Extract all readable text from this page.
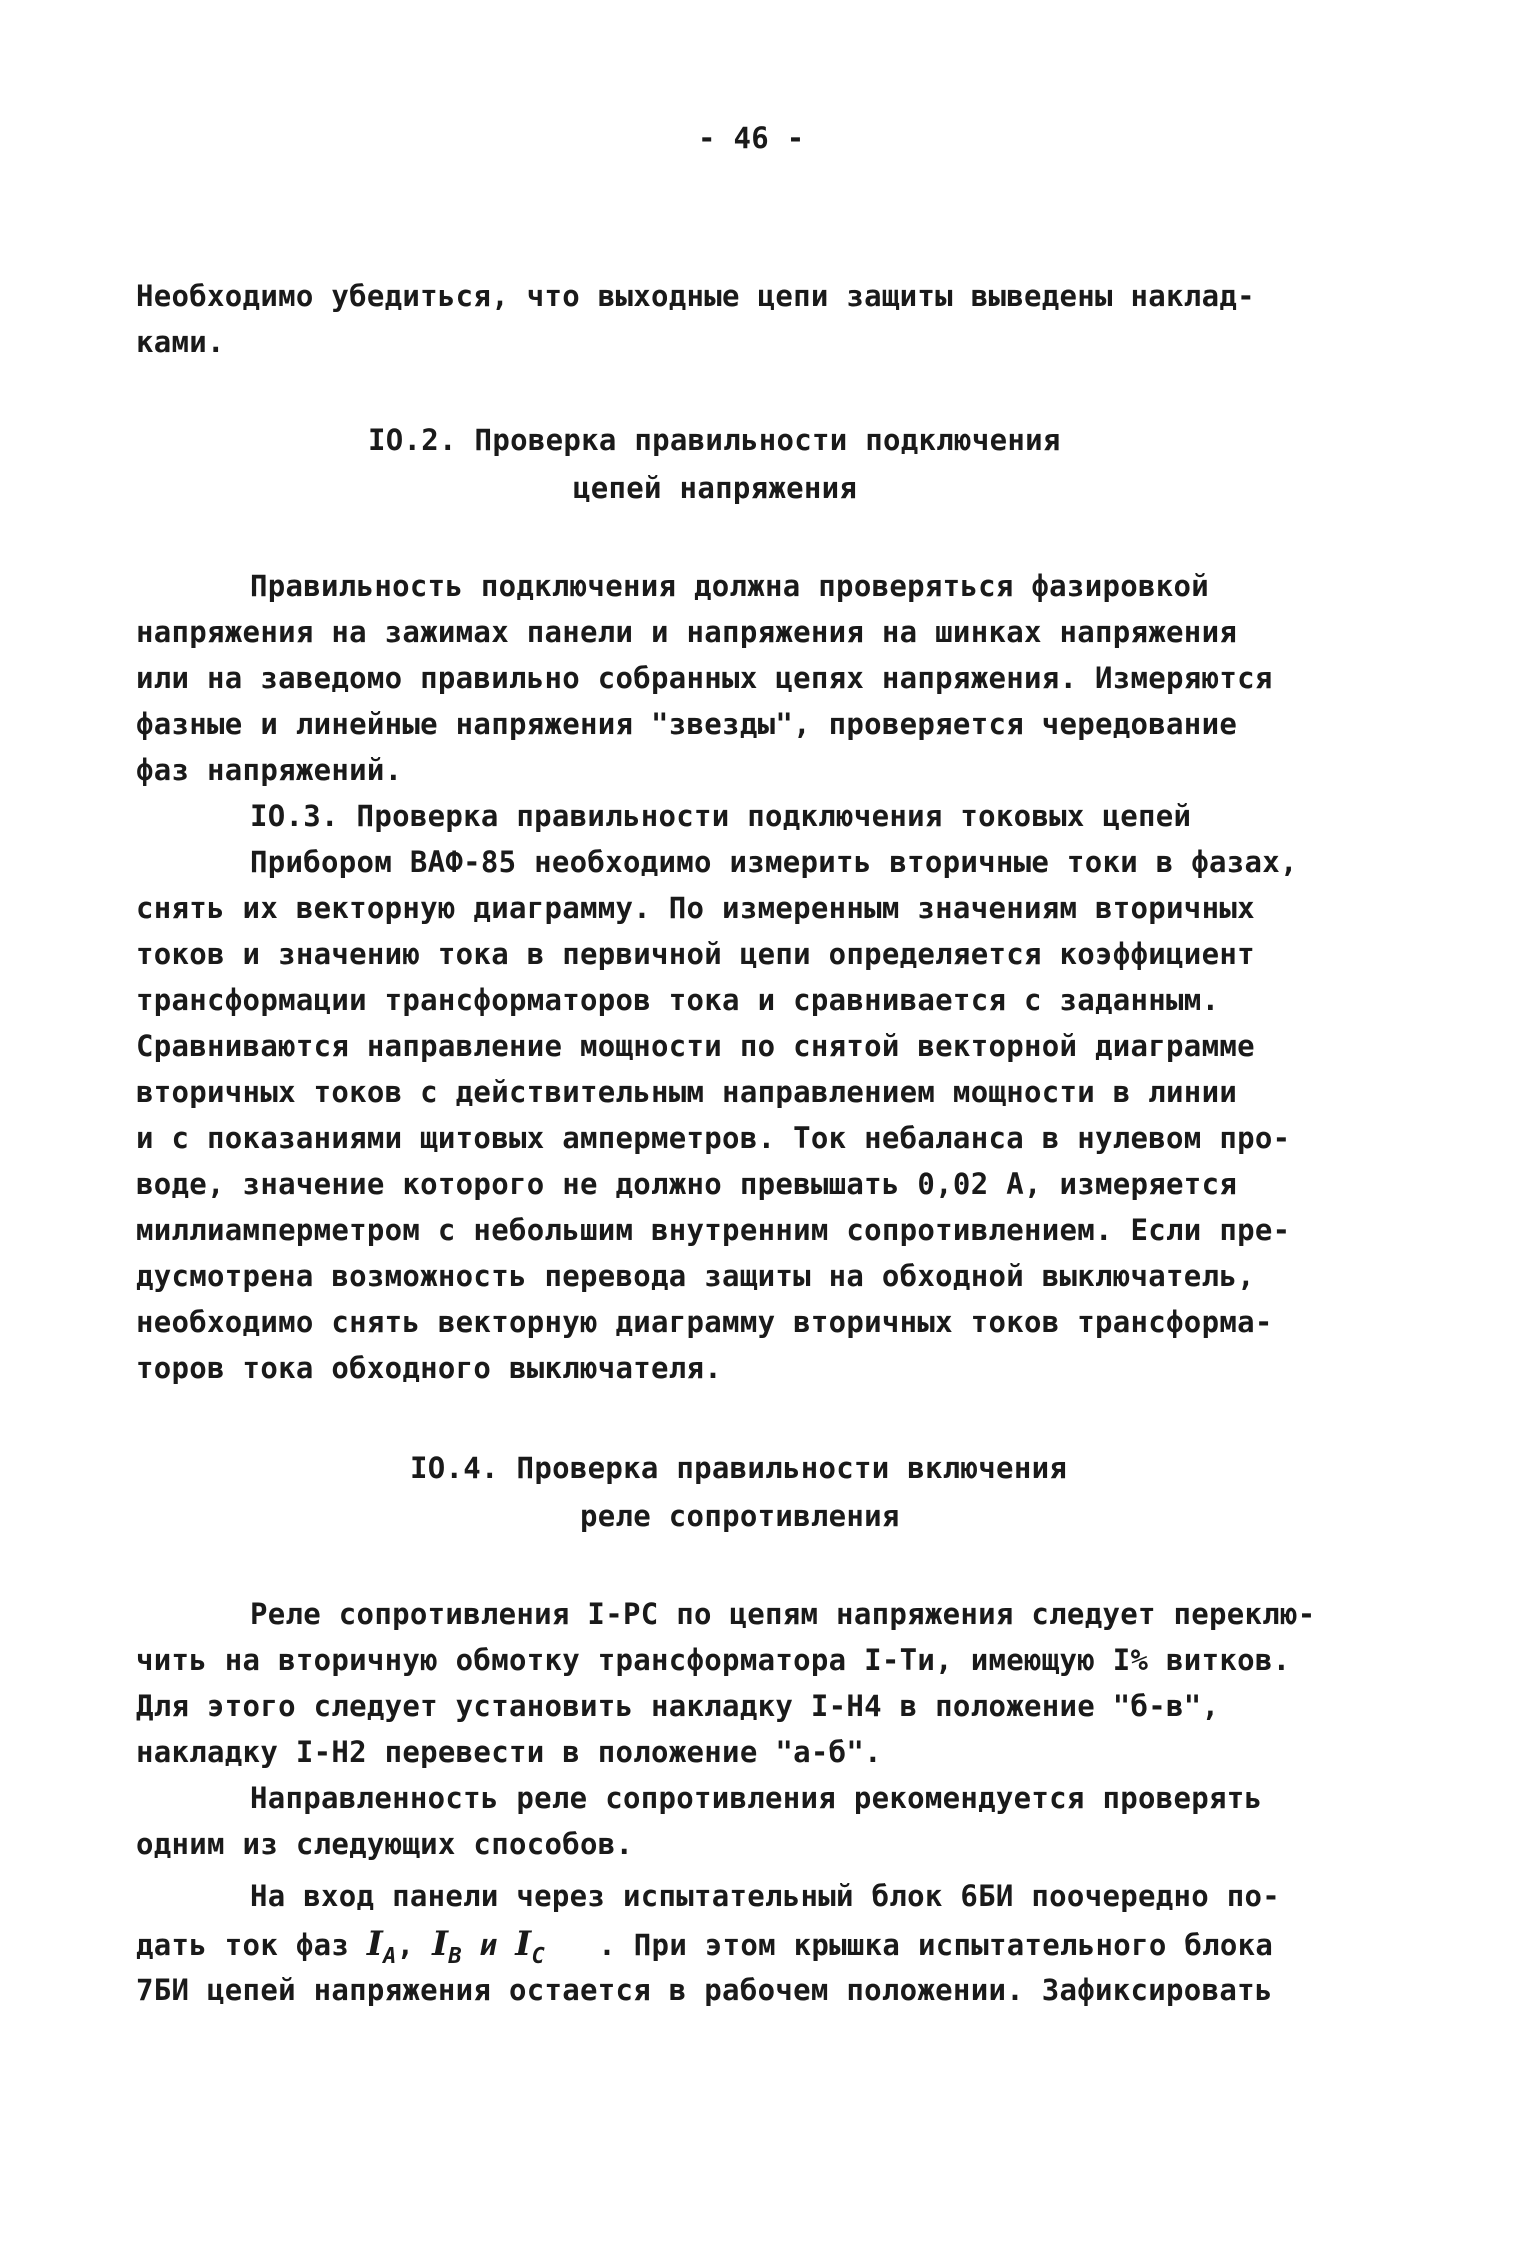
- 46 -
Необходимо убедиться, что выходные цепи защиты выведены наклад-
ками.
IO.2. Проверка правильности подключения
цепей напряжения
Правильность подключения должна проверяться фазировкой
напряжения на зажимах панели и напряжения на шинках напряжения
или на заведомо правильно собранных цепях напряжения. Измеряются
фазные и линейные напряжения "звезды", проверяется чередование
фаз напряжений.
IO.3. Проверка правильности подключения токовых цепей
Прибором ВАФ-85 необходимо измерить вторичные токи в фазах,
снять их векторную диаграмму. По измеренным значениям вторичных
токов и значению тока в первичной цепи определяется коэффициент
трансформации трансформаторов тока и сравнивается с заданным.
Сравниваются направление мощности по снятой векторной диаграмме
вторичных токов с действительным направлением мощности в линии
и с показаниями щитовых амперметров. Ток небаланса в нулевом про-
воде, значение которого не должно превышать 0,02 А, измеряется
миллиамперметром с небольшим внутренним сопротивлением. Если пре-
дусмотрена возможность перевода защиты на обходной выключатель,
необходимо снять векторную диаграмму вторичных токов трансформа-
торов тока обходного выключателя.
IO.4. Проверка правильности включения
реле сопротивления
Реле сопротивления I-РС по цепям напряжения следует переклю-
чить на вторичную обмотку трансформатора I-Ти, имеющую I% витков.
Для этого следует установить накладку I-Н4 в положение "б-в",
накладку I-Н2 перевести в положение "а-б".
Направленность реле сопротивления рекомендуется проверять
одним из следующих способов.
На вход панели через испытательный блок 6БИ поочередно по-
дать ток фаз $I_A$, $I_B$ и $I_C$ . При этом крышка испытательного блока
7БИ цепей напряжения остается в рабочем положении. Зафиксировать
